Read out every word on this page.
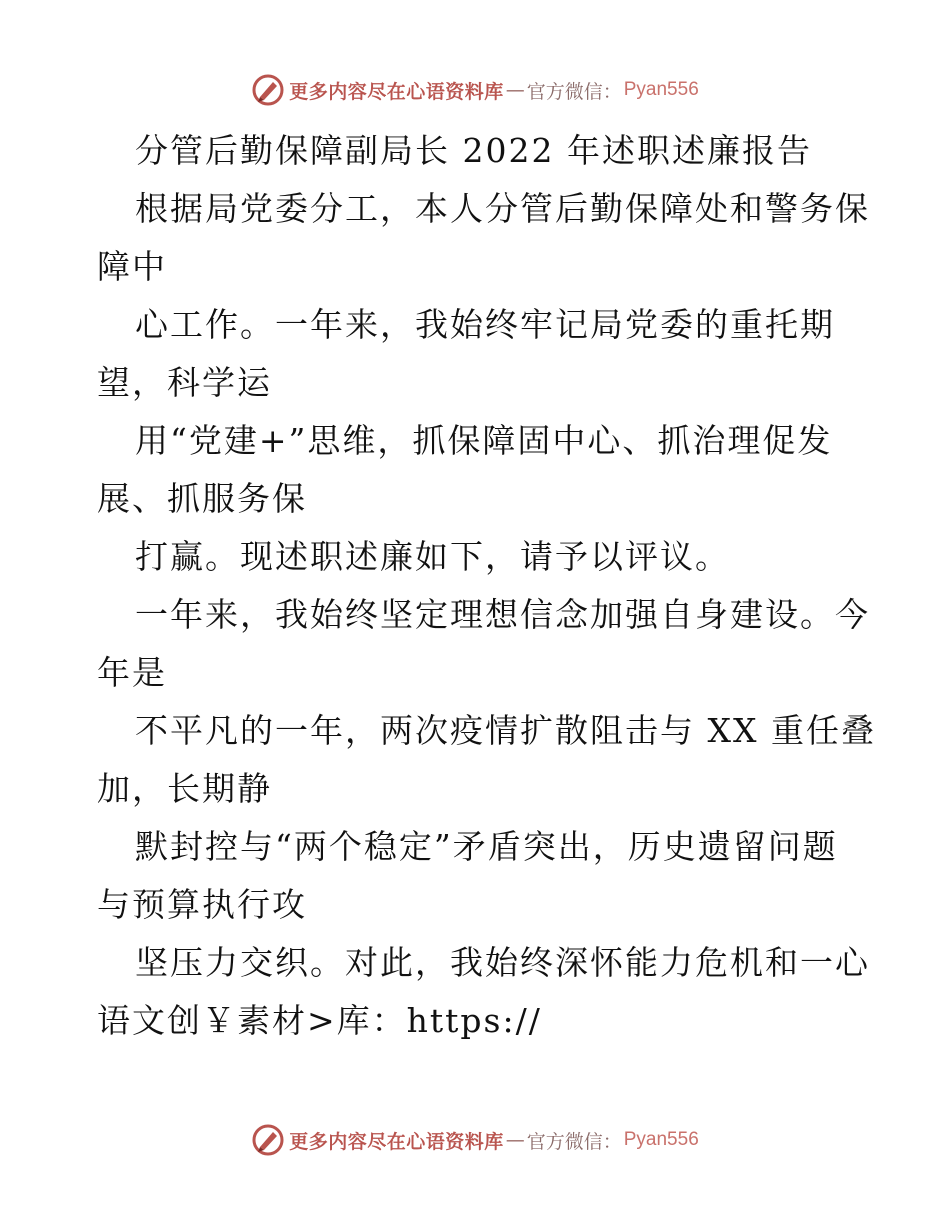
更多内容尽在心语资料库 — 官方微信： Pyan556
分管后勤保障副局长 2022 年述职述廉报告
根据局党委分工，本人分管后勤保障处和警务保
障中
心工作。一年来，我始终牢记局党委的重托期
望，科学运
用“党建+”思维，抓保障固中心、抓治理促发
展、抓服务保
打赢。现述职述廉如下，请予以评议。
一年来，我始终坚定理想信念加强自身建设。今
年是
不平凡的一年，两次疫情扩散阻击与 XX 重任叠
加，长期静
默封控与“两个稳定”矛盾突出，历史遗留问题
与预算执行攻
坚压力交织。对此，我始终深怀能力危机和一心
语文创￥素材>库：https://
更多内容尽在心语资料库 — 官方微信： Pyan556
